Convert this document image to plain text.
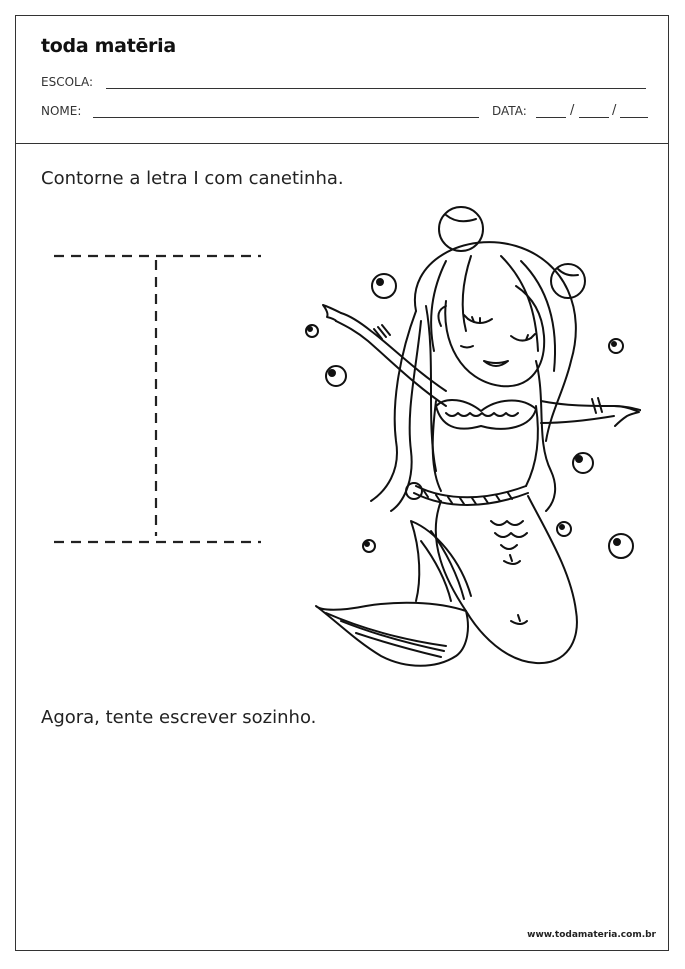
toda matēria
ESCOLA:
NOME:	DATA:	/	/
Contorne a letra I com canetinha.
Agora, tente escrever sozinho.
www.todamateria.com.br
